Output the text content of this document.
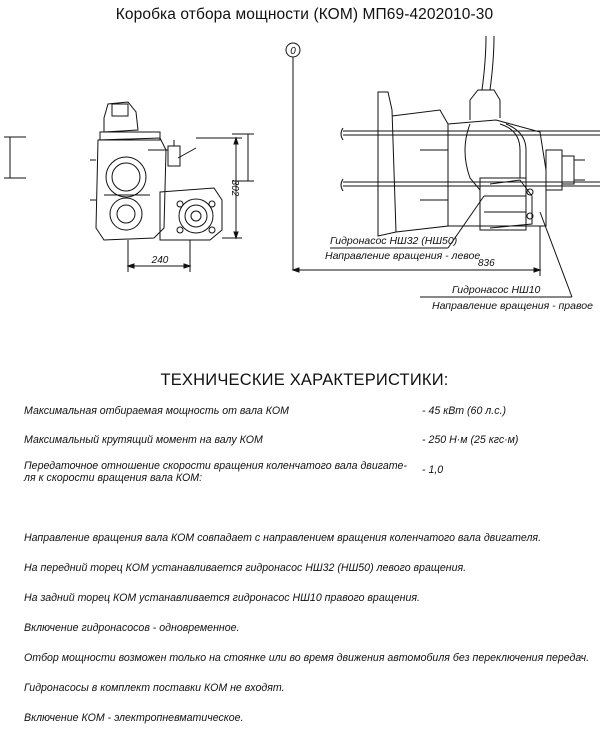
Коробка отбора мощности (КОМ) МП69-4202010-30
0
240
302
836
Гидронасос НШ32 (НШ50)
Направление вращения - левое
Гидронасос НШ10
Направление вращения - правое
ТЕХНИЧЕСКИЕ ХАРАКТЕРИСТИКИ:
Максимальная отбираемая мощность от вала КОМ	- 45 кВт (60 л.с.)
Максимальный крутящий момент на валу КОМ	- 250 Н·м (25 кгс·м)
Передаточное отношение скорости вращения коленчатого вала двигате-
ля к скорости вращения вала КОМ:
- 1,0
Направление вращения вала КОМ совпадает с направлением вращения коленчатого вала двигателя.
На передний торец КОМ устанавливается гидронасос НШ32 (НШ50) левого вращения.
На задний торец КОМ устанавливается гидронасос НШ10 правого вращения.
Включение гидронасосов - одновременное.
Отбор мощности возможен только на стоянке или во время движения автомобиля без переключения передач.
Гидронасосы в комплект поставки КОМ не входят.
Включение КОМ - электропневматическое.
